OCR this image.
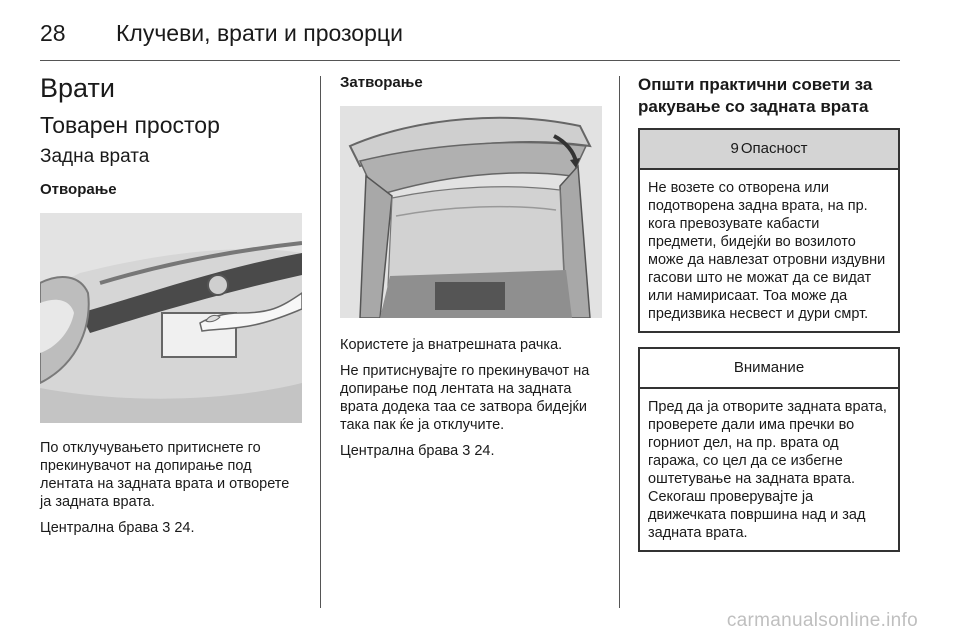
28 Клучеви, врати и прозорци
Врати
Товарен простор
Задна врата
Отворање

По отклучувањето притиснете го прекинувачот на допирање под лентата на задната врата и отворете ја задната врата.

Централна брава 3 24.

Затворање

Користете ја внатрешната рачка.

Не притиснувајте го прекинувачот на допирање под лентата на задната врата додека таа се затвора бидејќи така пак ќе ја отклучите.

Централна брава 3 24.

Општи практични совети за ракување со задната врата
9 Опасност
Не возете со отворена или подотворена задна врата, на пр. кога превозувате кабасти предмети, бидејќи во возилото може да навлезат отровни издувни гасови што не можат да се видат или намирисаат. Тоа може да предизвика несвест и дури смрт.
Внимание
Пред да ја отворите задната врата, проверете дали има пречки во горниот дел, на пр. врата од гаража, со цел да се избегне оштетување на задната врата. Секогаш проверувајте ја движечката површина над и зад задната врата.
carmanualsonline.info
